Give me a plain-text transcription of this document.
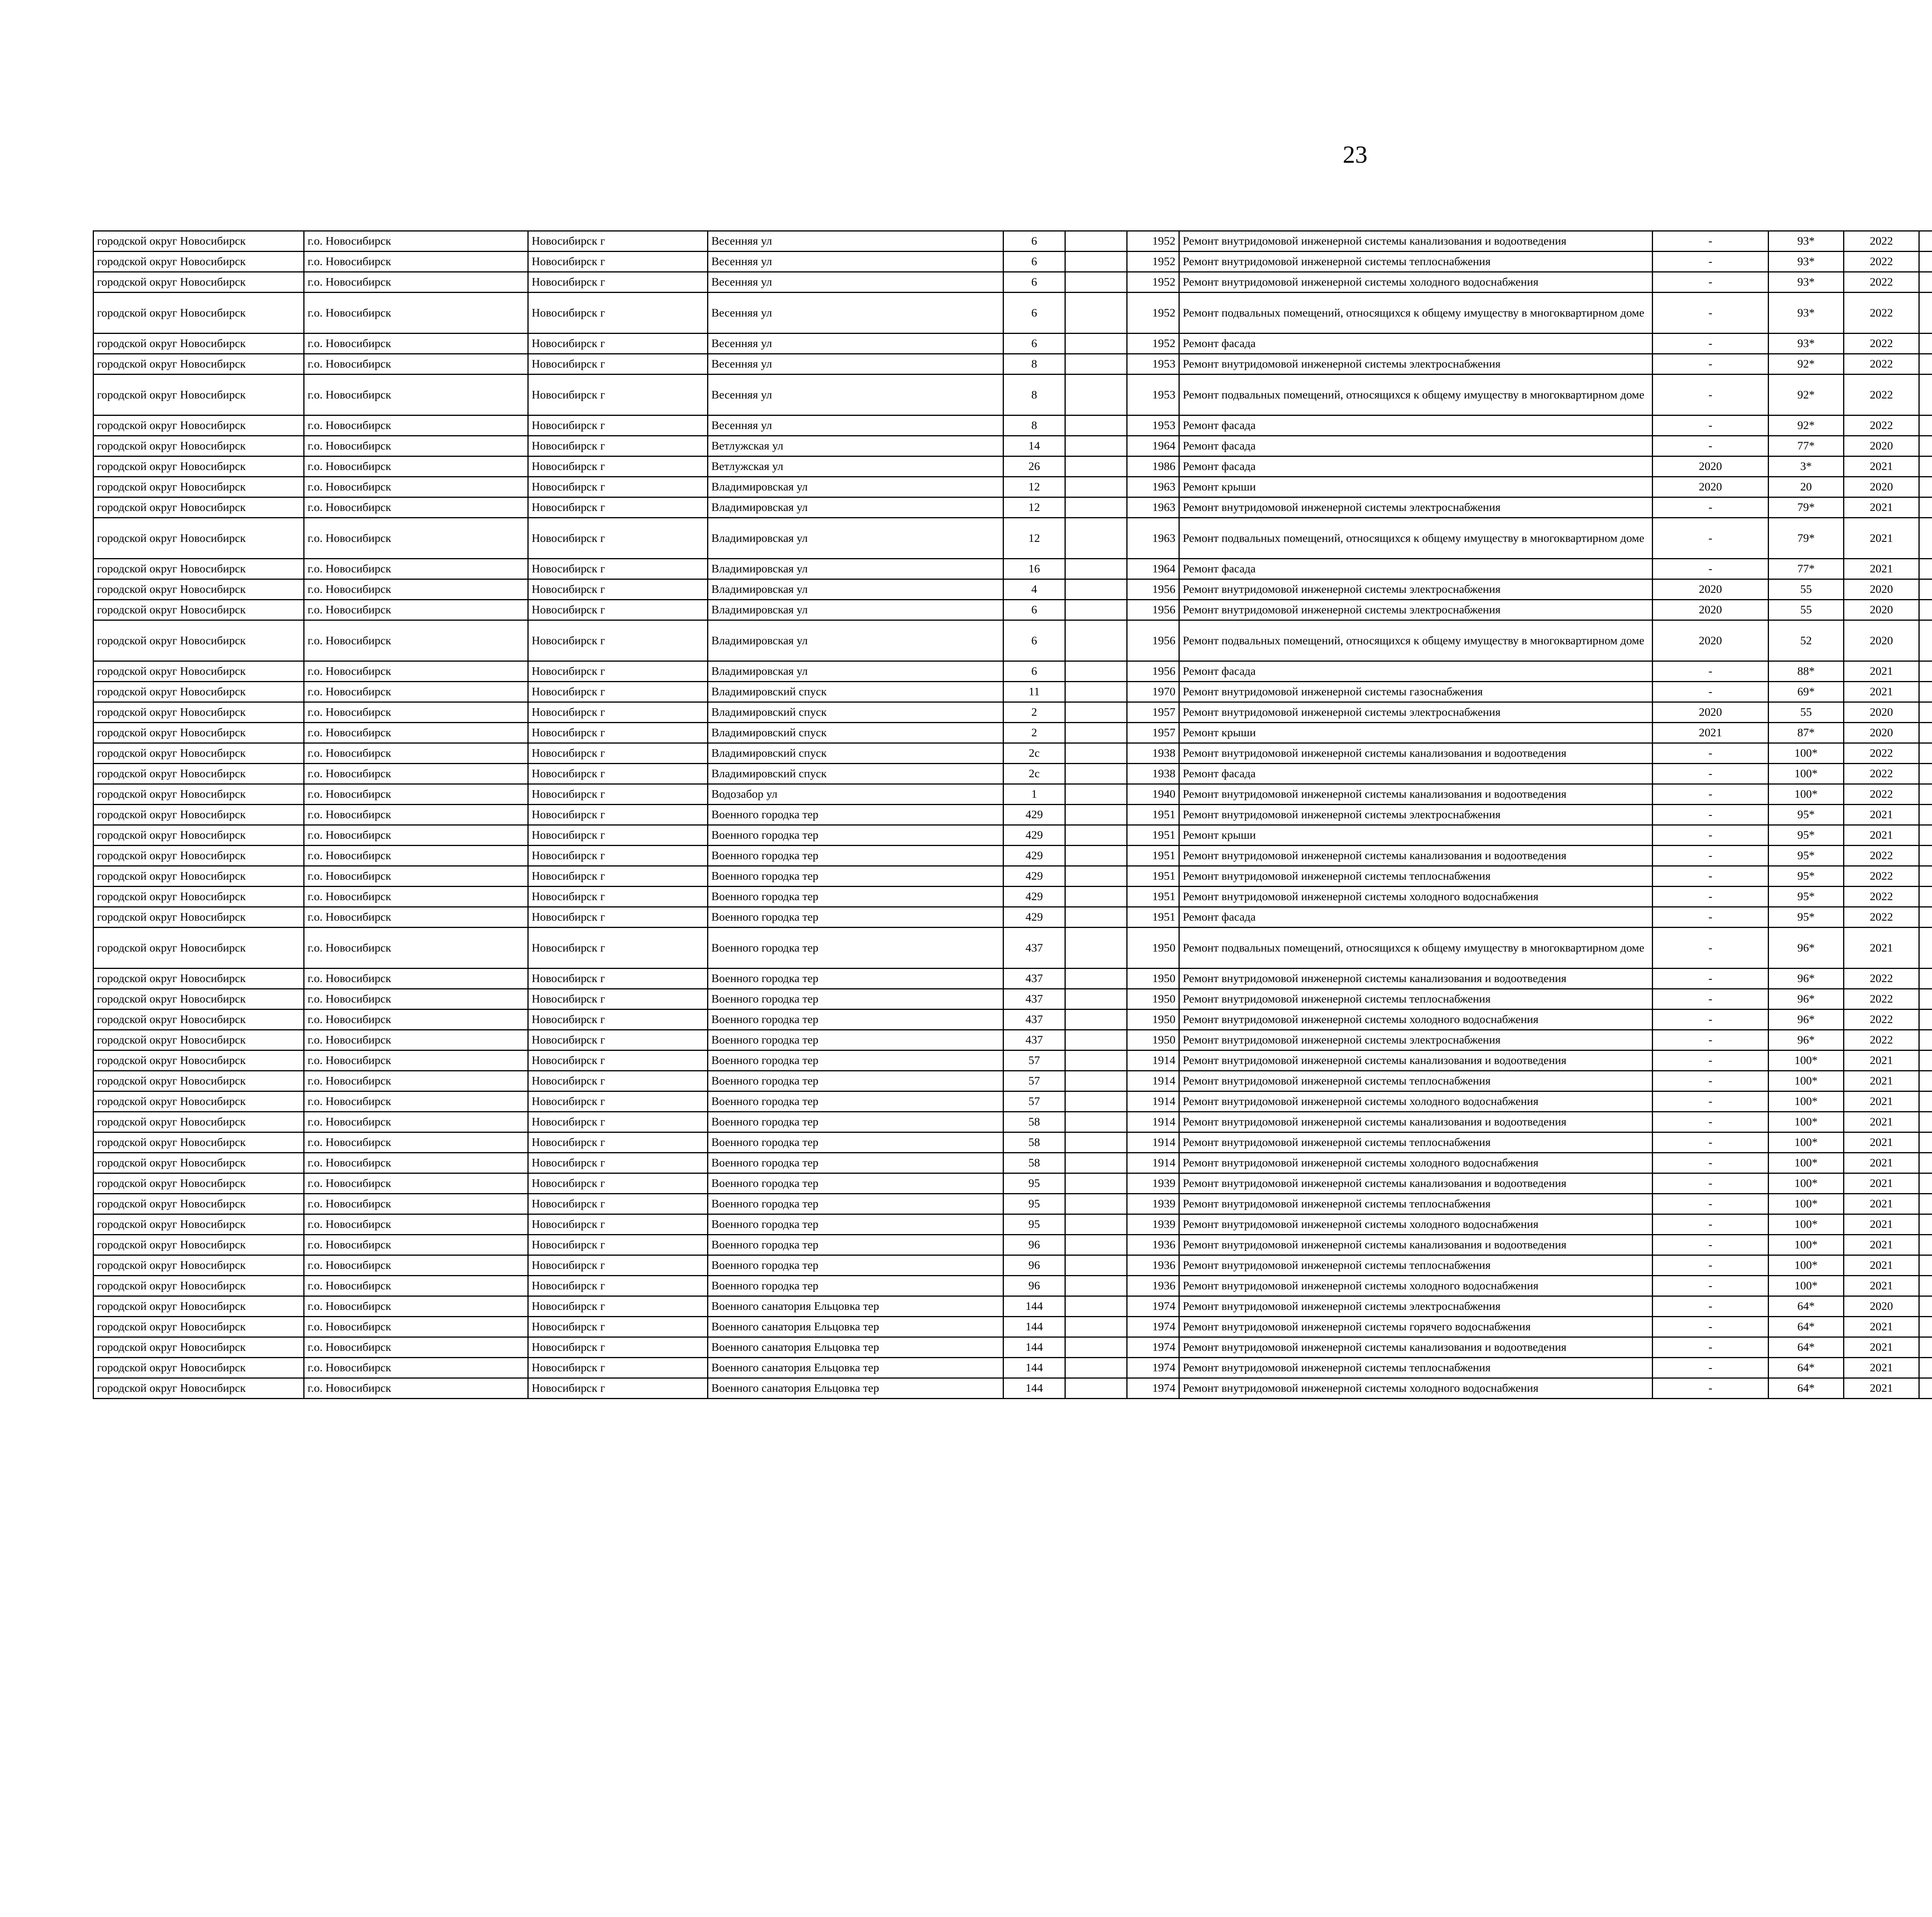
23
городской округ Новосибирск	г.о. Новосибирск	Новосибирск г	Весенняя ул	6		1952	Ремонт внутридомовой инженерной системы канализования и водоотведения	-	93*	2022						
городской округ Новосибирск	г.о. Новосибирск	Новосибирск г	Весенняя ул	6		1952	Ремонт внутридомовой инженерной системы теплоснабжения	-	93*	2022						
городской округ Новосибирск	г.о. Новосибирск	Новосибирск г	Весенняя ул	6		1952	Ремонт внутридомовой инженерной системы холодного водоснабжения	-	93*	2022						
городской округ Новосибирск	г.о. Новосибирск	Новосибирск г	Весенняя ул	6		1952	Ремонт подвальных помещений, относящихся к общему имуществу в многоквартирном доме	-	93*	2022						
городской округ Новосибирск	г.о. Новосибирск	Новосибирск г	Весенняя ул	6		1952	Ремонт фасада	-	93*	2022						
городской округ Новосибирск	г.о. Новосибирск	Новосибирск г	Весенняя ул	8		1953	Ремонт внутридомовой инженерной системы электроснабжения	-	92*	2022						
городской округ Новосибирск	г.о. Новосибирск	Новосибирск г	Весенняя ул	8		1953	Ремонт подвальных помещений, относящихся к общему имуществу в многоквартирном доме	-	92*	2022						
городской округ Новосибирск	г.о. Новосибирск	Новосибирск г	Весенняя ул	8		1953	Ремонт фасада	-	92*	2022						
городской округ Новосибирск	г.о. Новосибирск	Новосибирск г	Ветлужская ул	14		1964	Ремонт фасада	-	77*	2020						
городской округ Новосибирск	г.о. Новосибирск	Новосибирск г	Ветлужская ул	26		1986	Ремонт фасада	2020	3*	2021						
городской округ Новосибирск	г.о. Новосибирск	Новосибирск г	Владимировская ул	12		1963	Ремонт крыши	2020	20	2020						
городской округ Новосибирск	г.о. Новосибирск	Новосибирск г	Владимировская ул	12		1963	Ремонт внутридомовой инженерной системы электроснабжения	-	79*	2021						
городской округ Новосибирск	г.о. Новосибирск	Новосибирск г	Владимировская ул	12		1963	Ремонт подвальных помещений, относящихся к общему имуществу в многоквартирном доме	-	79*	2021						
городской округ Новосибирск	г.о. Новосибирск	Новосибирск г	Владимировская ул	16		1964	Ремонт фасада	-	77*	2021						
городской округ Новосибирск	г.о. Новосибирск	Новосибирск г	Владимировская ул	4		1956	Ремонт внутридомовой инженерной системы электроснабжения	2020	55	2020						
городской округ Новосибирск	г.о. Новосибирск	Новосибирск г	Владимировская ул	6		1956	Ремонт внутридомовой инженерной системы электроснабжения	2020	55	2020						
городской округ Новосибирск	г.о. Новосибирск	Новосибирск г	Владимировская ул	6		1956	Ремонт подвальных помещений, относящихся к общему имуществу в многоквартирном доме	2020	52	2020						
городской округ Новосибирск	г.о. Новосибирск	Новосибирск г	Владимировская ул	6		1956	Ремонт фасада	-	88*	2021						
городской округ Новосибирск	г.о. Новосибирск	Новосибирск г	Владимировский спуск	11		1970	Ремонт внутридомовой инженерной системы газоснабжения	-	69*	2021						
городской округ Новосибирск	г.о. Новосибирск	Новосибирск г	Владимировский спуск	2		1957	Ремонт внутридомовой инженерной системы электроснабжения	2020	55	2020						
городской округ Новосибирск	г.о. Новосибирск	Новосибирск г	Владимировский спуск	2		1957	Ремонт крыши	2021	87*	2020						
городской округ Новосибирск	г.о. Новосибирск	Новосибирск г	Владимировский спуск	2с		1938	Ремонт внутридомовой инженерной системы канализования и водоотведения	-	100*	2022						
городской округ Новосибирск	г.о. Новосибирск	Новосибирск г	Владимировский спуск	2с		1938	Ремонт фасада	-	100*	2022						
городской округ Новосибирск	г.о. Новосибирск	Новосибирск г	Водозабор ул	1		1940	Ремонт внутридомовой инженерной системы канализования и водоотведения	-	100*	2022						
городской округ Новосибирск	г.о. Новосибирск	Новосибирск г	Военного городка тер	429		1951	Ремонт внутридомовой инженерной системы электроснабжения	-	95*	2021						
городской округ Новосибирск	г.о. Новосибирск	Новосибирск г	Военного городка тер	429		1951	Ремонт крыши	-	95*	2021						
городской округ Новосибирск	г.о. Новосибирск	Новосибирск г	Военного городка тер	429		1951	Ремонт внутридомовой инженерной системы канализования и водоотведения	-	95*	2022						
городской округ Новосибирск	г.о. Новосибирск	Новосибирск г	Военного городка тер	429		1951	Ремонт внутридомовой инженерной системы теплоснабжения	-	95*	2022						
городской округ Новосибирск	г.о. Новосибирск	Новосибирск г	Военного городка тер	429		1951	Ремонт внутридомовой инженерной системы холодного водоснабжения	-	95*	2022						
городской округ Новосибирск	г.о. Новосибирск	Новосибирск г	Военного городка тер	429		1951	Ремонт фасада	-	95*	2022						
городской округ Новосибирск	г.о. Новосибирск	Новосибирск г	Военного городка тер	437		1950	Ремонт подвальных помещений, относящихся к общему имуществу в многоквартирном доме	-	96*	2021						
городской округ Новосибирск	г.о. Новосибирск	Новосибирск г	Военного городка тер	437		1950	Ремонт внутридомовой инженерной системы канализования и водоотведения	-	96*	2022						
городской округ Новосибирск	г.о. Новосибирск	Новосибирск г	Военного городка тер	437		1950	Ремонт внутридомовой инженерной системы теплоснабжения	-	96*	2022						
городской округ Новосибирск	г.о. Новосибирск	Новосибирск г	Военного городка тер	437		1950	Ремонт внутридомовой инженерной системы холодного водоснабжения	-	96*	2022						
городской округ Новосибирск	г.о. Новосибирск	Новосибирск г	Военного городка тер	437		1950	Ремонт внутридомовой инженерной системы электроснабжения	-	96*	2022						
городской округ Новосибирск	г.о. Новосибирск	Новосибирск г	Военного городка тер	57		1914	Ремонт внутридомовой инженерной системы канализования и водоотведения	-	100*	2021						
городской округ Новосибирск	г.о. Новосибирск	Новосибирск г	Военного городка тер	57		1914	Ремонт внутридомовой инженерной системы теплоснабжения	-	100*	2021						
городской округ Новосибирск	г.о. Новосибирск	Новосибирск г	Военного городка тер	57		1914	Ремонт внутридомовой инженерной системы холодного водоснабжения	-	100*	2021						
городской округ Новосибирск	г.о. Новосибирск	Новосибирск г	Военного городка тер	58		1914	Ремонт внутридомовой инженерной системы канализования и водоотведения	-	100*	2021						
городской округ Новосибирск	г.о. Новосибирск	Новосибирск г	Военного городка тер	58		1914	Ремонт внутридомовой инженерной системы теплоснабжения	-	100*	2021						
городской округ Новосибирск	г.о. Новосибирск	Новосибирск г	Военного городка тер	58		1914	Ремонт внутридомовой инженерной системы холодного водоснабжения	-	100*	2021						
городской округ Новосибирск	г.о. Новосибирск	Новосибирск г	Военного городка тер	95		1939	Ремонт внутридомовой инженерной системы канализования и водоотведения	-	100*	2021						
городской округ Новосибирск	г.о. Новосибирск	Новосибирск г	Военного городка тер	95		1939	Ремонт внутридомовой инженерной системы теплоснабжения	-	100*	2021						
городской округ Новосибирск	г.о. Новосибирск	Новосибирск г	Военного городка тер	95		1939	Ремонт внутридомовой инженерной системы холодного водоснабжения	-	100*	2021						
городской округ Новосибирск	г.о. Новосибирск	Новосибирск г	Военного городка тер	96		1936	Ремонт внутридомовой инженерной системы канализования и водоотведения	-	100*	2021						
городской округ Новосибирск	г.о. Новосибирск	Новосибирск г	Военного городка тер	96		1936	Ремонт внутридомовой инженерной системы теплоснабжения	-	100*	2021						
городской округ Новосибирск	г.о. Новосибирск	Новосибирск г	Военного городка тер	96		1936	Ремонт внутридомовой инженерной системы холодного водоснабжения	-	100*	2021						
городской округ Новосибирск	г.о. Новосибирск	Новосибирск г	Военного санатория Ельцовка тер	144		1974	Ремонт внутридомовой инженерной системы электроснабжения	-	64*	2020						
городской округ Новосибирск	г.о. Новосибирск	Новосибирск г	Военного санатория Ельцовка тер	144		1974	Ремонт внутридомовой инженерной системы горячего водоснабжения	-	64*	2021						
городской округ Новосибирск	г.о. Новосибирск	Новосибирск г	Военного санатория Ельцовка тер	144		1974	Ремонт внутридомовой инженерной системы канализования и водоотведения	-	64*	2021						
городской округ Новосибирск	г.о. Новосибирск	Новосибирск г	Военного санатория Ельцовка тер	144		1974	Ремонт внутридомовой инженерной системы теплоснабжения	-	64*	2021						
городской округ Новосибирск	г.о. Новосибирск	Новосибирск г	Военного санатория Ельцовка тер	144		1974	Ремонт внутридомовой инженерной системы холодного водоснабжения	-	64*	2021						
